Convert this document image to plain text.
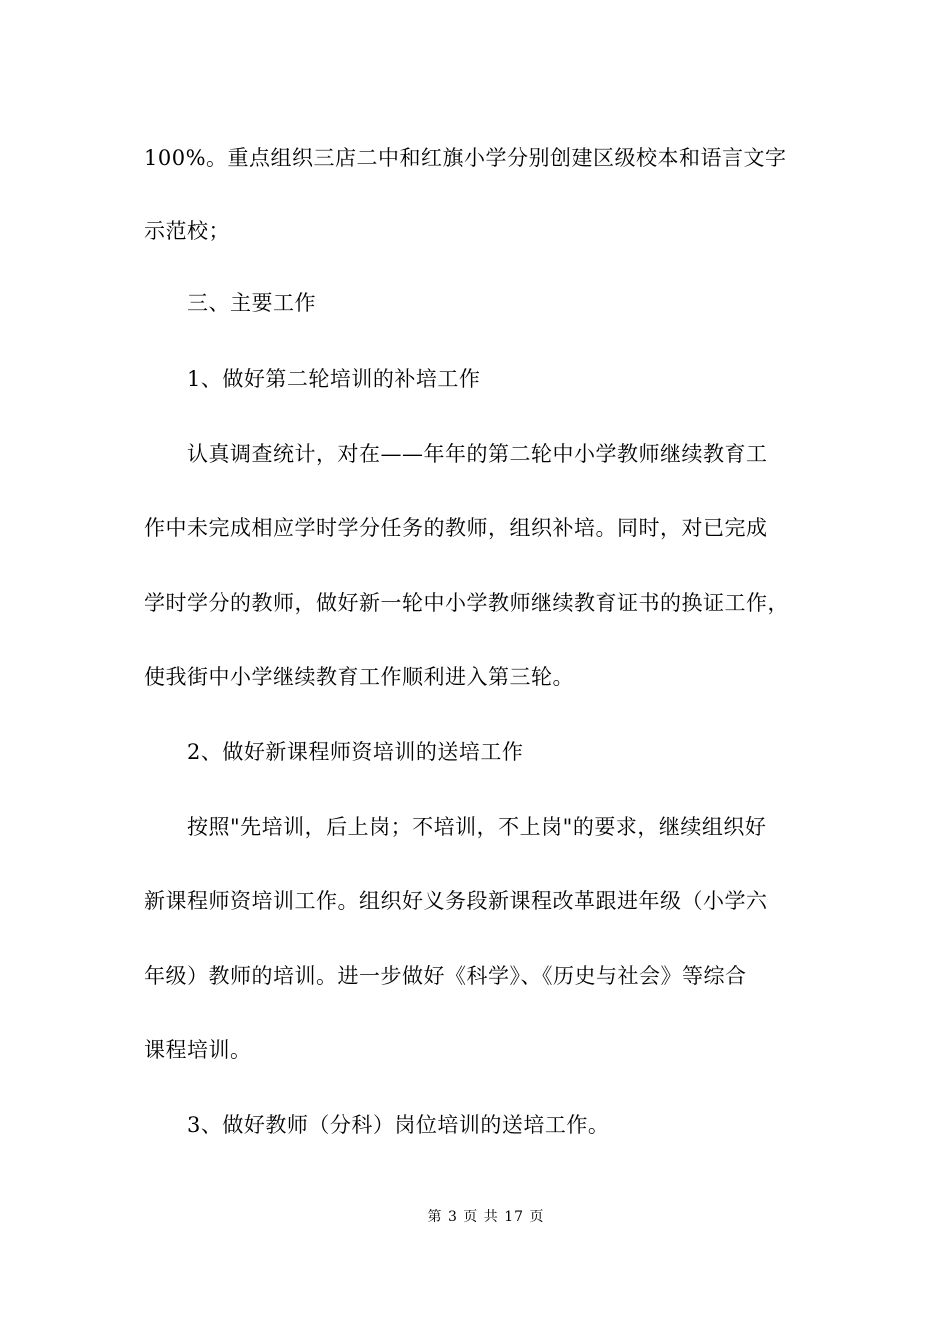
100%。重点组织三店二中和红旗小学分别创建区级校本和语言文字
示范校；
三、主要工作
1、做好第二轮培训的补培工作
认真调查统计，对在——年年的第二轮中小学教师继续教育工
作中未完成相应学时学分任务的教师，组织补培。同时，对已完成
学时学分的教师，做好新一轮中小学教师继续教育证书的换证工作，
使我街中小学继续教育工作顺利进入第三轮。
2、做好新课程师资培训的送培工作
按照"先培训，后上岗；不培训，不上岗"的要求，继续组织好
新课程师资培训工作。组织好义务段新课程改革跟进年级（小学六
年级）教师的培训。进一步做好《科学》、《历史与社会》等综合
课程培训。
3、做好教师（分科）岗位培训的送培工作。
第 3 页 共 17 页
